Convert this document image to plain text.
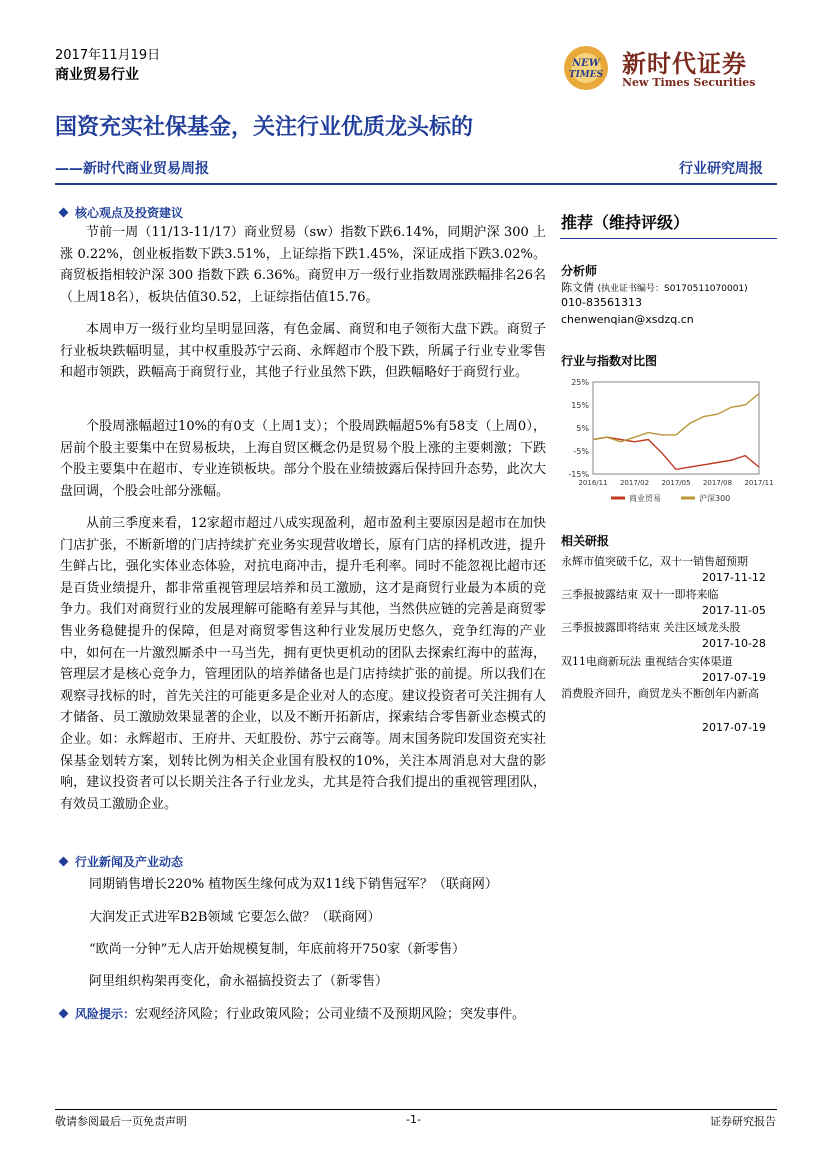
2017年11月19日
商业贸易行业
NEW
TIMES 新时代证券
New Times Securities
国资充实社保基金，关注行业优质龙头标的
——新时代商业贸易周报	行业研究周报
核心观点及投资建议
节前一周（11/13-11/17）商业贸易（sw）指数下跌6.14%，同期沪深 300 上涨 0.22%，创业板指数下跌3.51%，上证综指下跌1.45%，深证成指下跌3.02%。商贸板指相较沪深 300 指数下跌 6.36%。商贸申万一级行业指数周涨跌幅排名26名（上周18名），板块估值30.52，上证综指估值15.76。
本周申万一级行业均呈明显回落，有色金属、商贸和电子领衔大盘下跌。商贸子行业板块跌幅明显，其中权重股苏宁云商、永辉超市个股下跌，所属子行业专业零售和超市领跌，跌幅高于商贸行业，其他子行业虽然下跌，但跌幅略好于商贸行业。
个股周涨幅超过10%的有0支（上周1支）；个股周跌幅超5%有58支（上周0），居前个股主要集中在贸易板块，上海自贸区概念仍是贸易个股上涨的主要刺激；下跌个股主要集中在超市、专业连锁板块。部分个股在业绩披露后保持回升态势，此次大盘回调，个股会吐部分涨幅。
从前三季度来看，12家超市超过八成实现盈利，超市盈利主要原因是超市在加快门店扩张，不断新增的门店持续扩充业务实现营收增长，原有门店的择机改进，提升生鲜占比，强化实体业态体验，对抗电商冲击，提升毛利率。同时不能忽视比超市还是百货业绩提升，都非常重视管理层培养和员工激励，这才是商贸行业最为本质的竞争力。我们对商贸行业的发展理解可能略有差异与其他，当然供应链的完善是商贸零售业务稳健提升的保障，但是对商贸零售这种行业发展历史悠久，竞争红海的产业中，如何在一片激烈厮杀中一马当先，拥有更快更机动的团队去探索红海中的蓝海，管理层才是核心竞争力，管理团队的培养储备也是门店持续扩张的前提。所以我们在观察寻找标的时，首先关注的可能更多是企业对人的态度。建议投资者可关注拥有人才储备、员工激励效果显著的企业，以及不断开拓新店，探索结合零售新业态模式的企业。如：永辉超市、王府井、天虹股份、苏宁云商等。周末国务院印发国资充实社保基金划转方案，划转比例为相关企业国有股权的10%，关注本周消息对大盘的影响，建议投资者可以长期关注各子行业龙头，尤其是符合我们提出的重视管理团队，有效员工激励企业。
行业新闻及产业动态
同期销售增长220% 植物医生缘何成为双11线下销售冠军？（联商网）
大润发正式进军B2B领域 它要怎么做？（联商网）
“欧尚一分钟”无人店开始规模复制，年底前将开750家（新零售）
阿里组织构架再变化，俞永福搞投资去了（新零售）
风险提示：宏观经济风险；行业政策风险；公司业绩不及预期风险；突发事件。
推荐（维持评级）
分析师
陈文倩 (执业证书编号：S0170511070001)
010-83561313
chenwenqian@xsdzq.cn
行业与指数对比图
25%
15%
5%
-5%
-15%
2016/11 2017/02 2017/05 2017/08 2017/11
商业贸易	沪深300
相关研报
永辉市值突破千亿，双十一销售超预期
2017-11-12
三季报披露结束 双十一即将来临
2017-11-05
三季报披露即将结束 关注区域龙头股
2017-10-28
双11电商新玩法 重视结合实体渠道
2017-07-19
消费股齐回升，商贸龙头不断创年内新高
2017-07-19
敬请参阅最后一页免责声明	-1-	证券研究报告
